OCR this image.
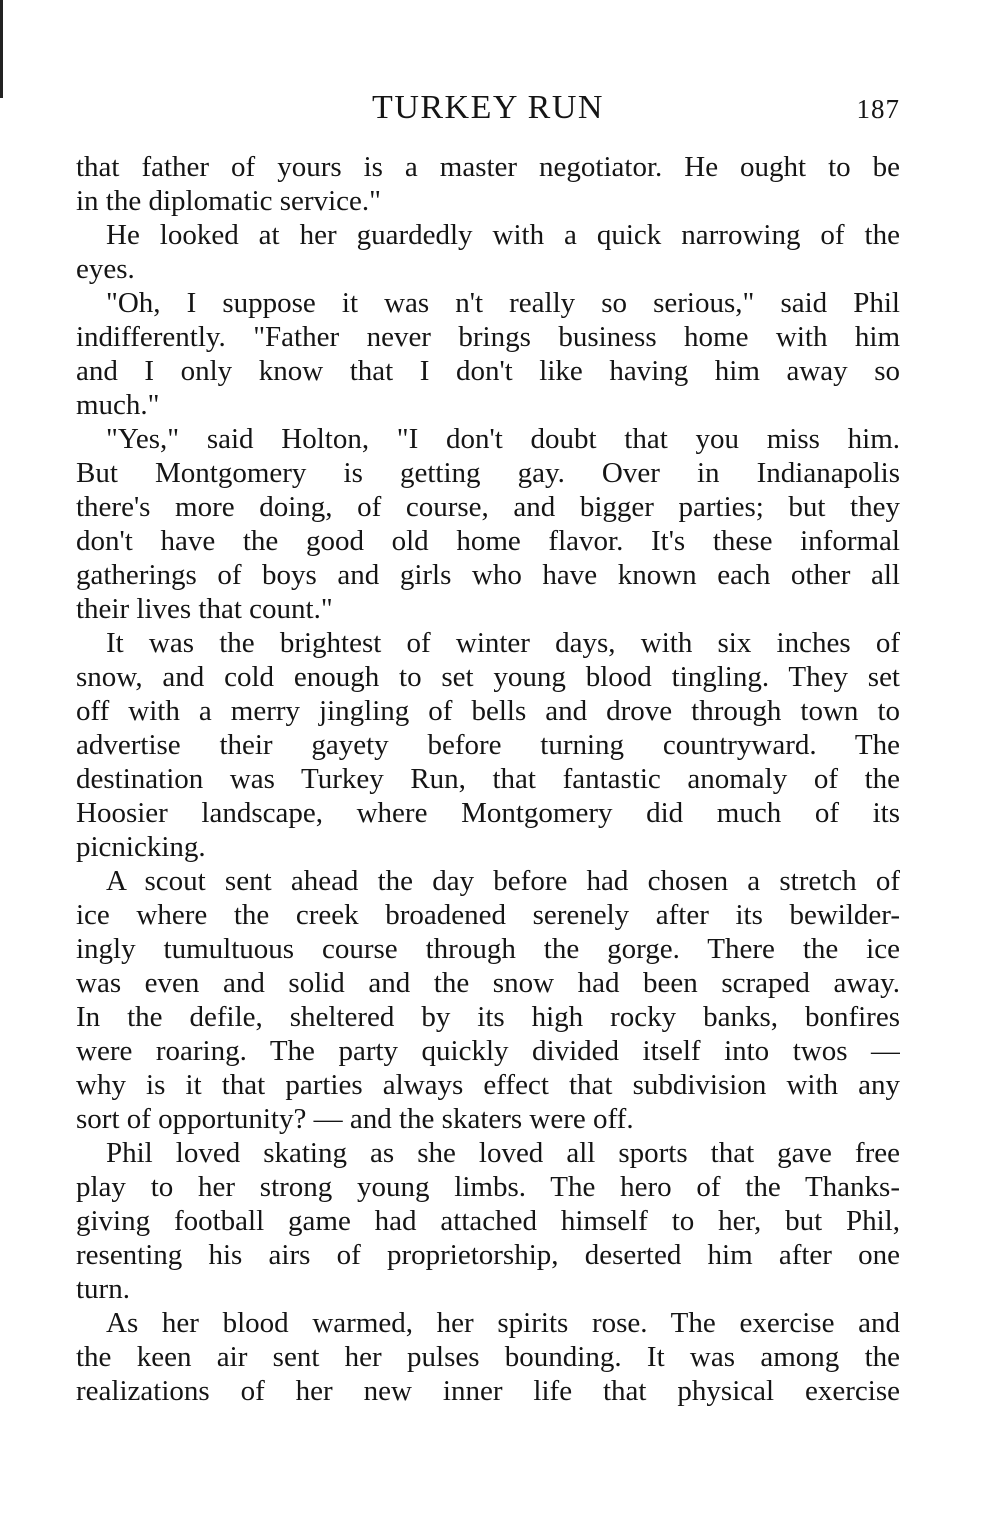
TURKEY RUN	187
that father of yours is a master negotiator. He ought to be
in the diplomatic service."
He looked at her guardedly with a quick narrowing of the
eyes.
"Oh, I suppose it was n't really so serious," said Phil
indifferently. "Father never brings business home with him
and I only know that I don't like having him away so
much."
"Yes," said Holton, "I don't doubt that you miss him.
But Montgomery is getting gay. Over in Indianapolis
there's more doing, of course, and bigger parties; but they
don't have the good old home flavor. It's these informal
gatherings of boys and girls who have known each other all
their lives that count."
It was the brightest of winter days, with six inches of
snow, and cold enough to set young blood tingling. They set
off with a merry jingling of bells and drove through town to
advertise their gayety before turning countryward. The
destination was Turkey Run, that fantastic anomaly of the
Hoosier landscape, where Montgomery did much of its
picnicking.
A scout sent ahead the day before had chosen a stretch of
ice where the creek broadened serenely after its bewilder-
ingly tumultuous course through the gorge. There the ice
was even and solid and the snow had been scraped away.
In the defile, sheltered by its high rocky banks, bonfires
were roaring. The party quickly divided itself into twos —
why is it that parties always effect that subdivision with any
sort of opportunity? — and the skaters were off.
Phil loved skating as she loved all sports that gave free
play to her strong young limbs. The hero of the Thanks-
giving football game had attached himself to her, but Phil,
resenting his airs of proprietorship, deserted him after one
turn.
As her blood warmed, her spirits rose. The exercise and
the keen air sent her pulses bounding. It was among the
realizations of her new inner life that physical exercise
